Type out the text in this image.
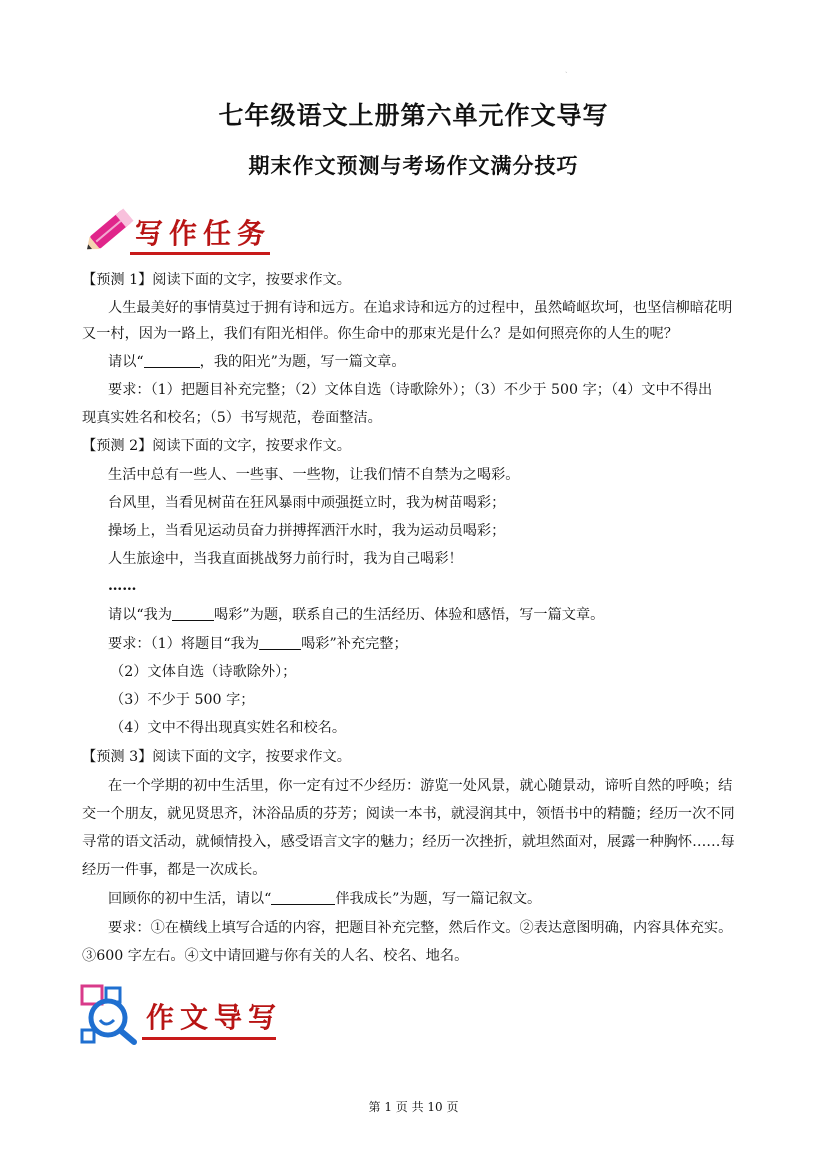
`
七年级语文上册第六单元作文导写
期末作文预测与考场作文满分技巧
写作任务
【预测 1】阅读下面的文字，按要求作文。
人生最美好的事情莫过于拥有诗和远方。在追求诗和远方的过程中，虽然崎岖坎坷，也坚信柳暗花明
又一村，因为一路上，我们有阳光相伴。你生命中的那束光是什么？是如何照亮你的人生的呢？
请以“	，我的阳光”为题，写一篇文章。
要求：（1）把题目补充完整；（2）文体自选（诗歌除外）；（3）不少于 500 字；（4）文中不得出
现真实姓名和校名；（5）书写规范，卷面整洁。
【预测 2】阅读下面的文字，按要求作文。
生活中总有一些人、一些事、一些物，让我们情不自禁为之喝彩。
台风里，当看见树苗在狂风暴雨中顽强挺立时，我为树苗喝彩；
操场上，当看见运动员奋力拼搏挥洒汗水时，我为运动员喝彩；
人生旅途中，当我直面挑战努力前行时，我为自己喝彩！
……
请以“我为	喝彩”为题，联系自己的生活经历、体验和感悟，写一篇文章。
要求：（1）将题目“我为	喝彩”补充完整；
（2）文体自选（诗歌除外）；
（3）不少于 500 字；
（4）文中不得出现真实姓名和校名。
【预测 3】阅读下面的文字，按要求作文。
在一个学期的初中生活里，你一定有过不少经历：游览一处风景，就心随景动，谛听自然的呼唤；结
交一个朋友，就见贤思齐，沐浴品质的芬芳；阅读一本书，就浸润其中，领悟书中的精髓；经历一次不同
寻常的语文活动，就倾情投入，感受语言文字的魅力；经历一次挫折，就坦然面对，展露一种胸怀……每
经历一件事，都是一次成长。
回顾你的初中生活，请以“	伴我成长”为题，写一篇记叙文。
要求：①在横线上填写合适的内容，把题目补充完整，然后作文。②表达意图明确，内容具体充实。
③600 字左右。④文中请回避与你有关的人名、校名、地名。
作文导写
第 1 页 共 10 页
